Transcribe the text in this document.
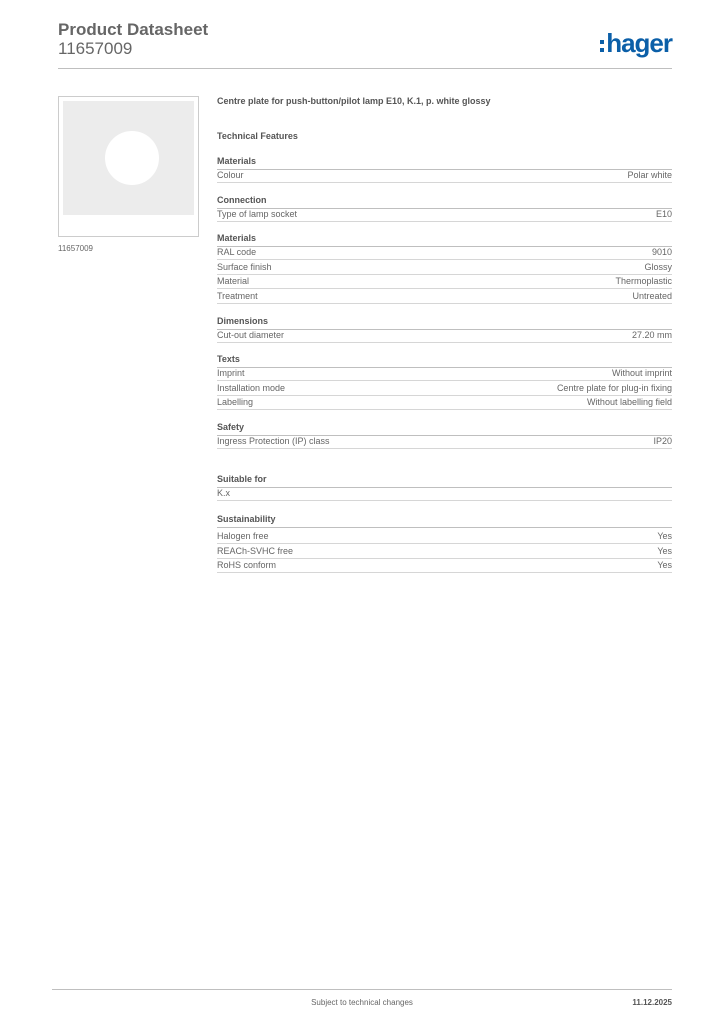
Product Datasheet
11657009	hager
11657009
Centre plate for push-button/pilot lamp E10, K.1, p. white glossy
Technical Features
Materials
Colour	Polar white
Connection
Type of lamp socket	E10
Materials
RAL code	9010
Surface finish	Glossy
Material	Thermoplastic
Treatment	Untreated
Dimensions
Cut-out diameter	27.20 mm
Texts
Imprint	Without imprint
Installation mode	Centre plate for plug-in fixing
Labelling	Without labelling field
Safety
Ingress Protection (IP) class	IP20
Suitable for
K.x
Sustainability
Halogen free	Yes
REACh-SVHC free	Yes
RoHS conform	Yes
Subject to technical changes	11.12.2025
